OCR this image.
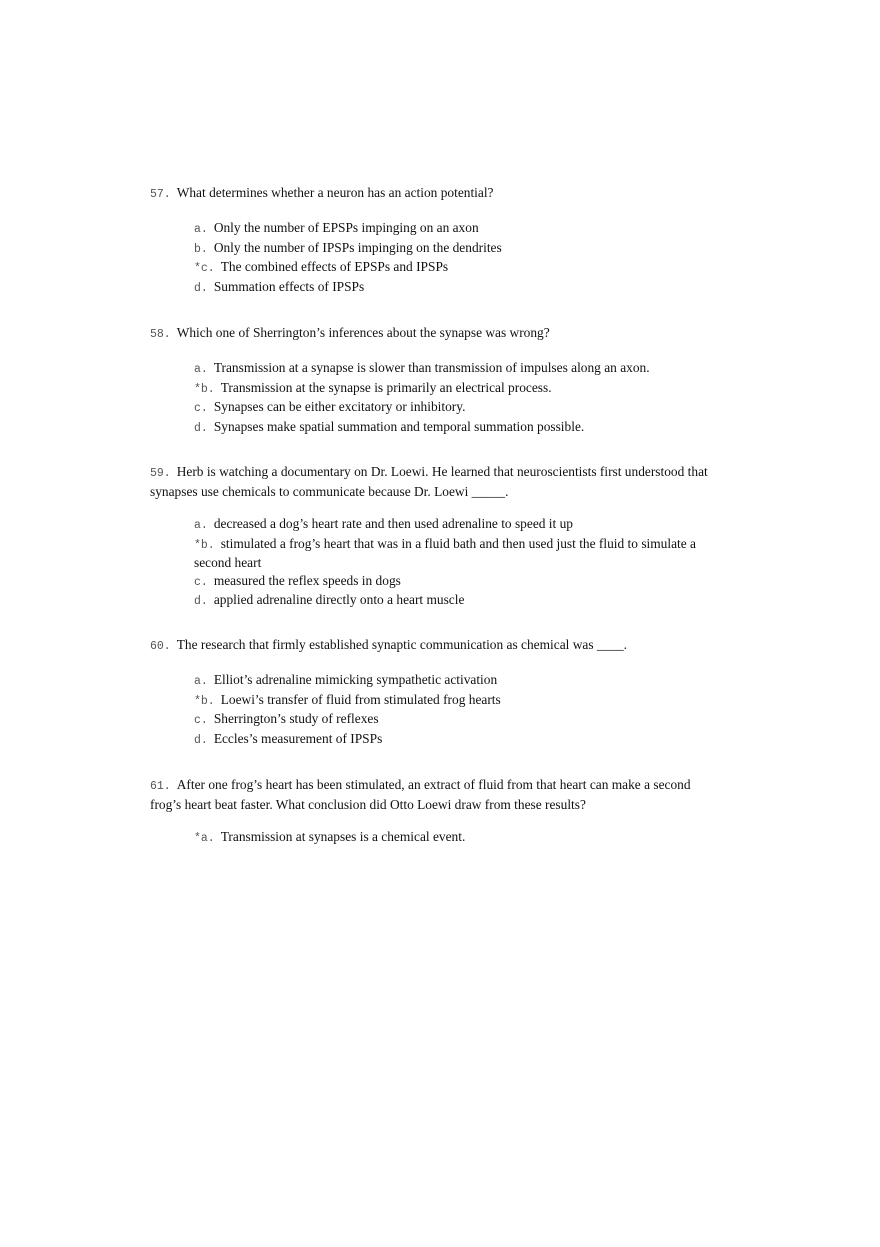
57. What determines whether a neuron has an action potential?
a. Only the number of EPSPs impinging on an axon
b. Only the number of IPSPs impinging on the dendrites
*c. The combined effects of EPSPs and IPSPs
d. Summation effects of IPSPs
58. Which one of Sherrington’s inferences about the synapse was wrong?
a. Transmission at a synapse is slower than transmission of impulses along an axon.
*b. Transmission at the synapse is primarily an electrical process.
c. Synapses can be either excitatory or inhibitory.
d. Synapses make spatial summation and temporal summation possible.
59. Herb is watching a documentary on Dr. Loewi. He learned that neuroscientists first understood that synapses use chemicals to communicate because Dr. Loewi _____.
a. decreased a dog’s heart rate and then used adrenaline to speed it up
*b. stimulated a frog’s heart that was in a fluid bath and then used just the fluid to simulate a second heart
c. measured the reflex speeds in dogs
d. applied adrenaline directly onto a heart muscle
60. The research that firmly established synaptic communication as chemical was ____.
a. Elliot’s adrenaline mimicking sympathetic activation
*b. Loewi’s transfer of fluid from stimulated frog hearts
c. Sherrington’s study of reflexes
d. Eccles’s measurement of IPSPs
61. After one frog’s heart has been stimulated, an extract of fluid from that heart can make a second frog’s heart beat faster. What conclusion did Otto Loewi draw from these results?
*a. Transmission at synapses is a chemical event.
